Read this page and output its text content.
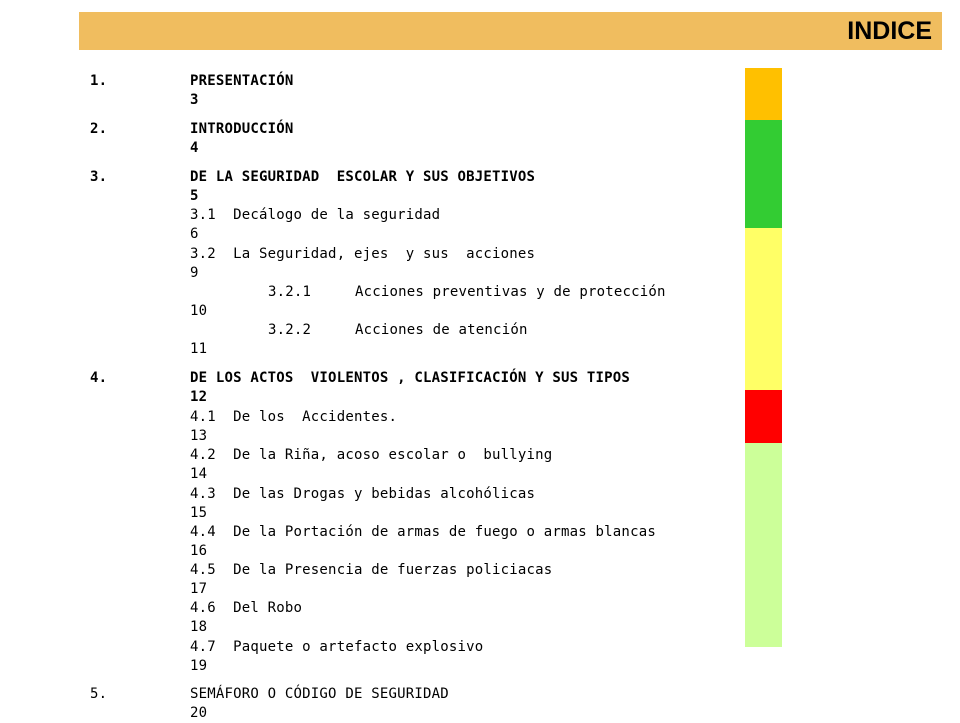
INDICE
1.	PRESENTACIÓN
3
2.	INTRODUCCIÓN
4
3.	DE LA SEGURIDAD  ESCOLAR Y SUS OBJETIVOS
5
3.1  Decálogo de la seguridad
6
3.2  La Seguridad, ejes  y sus  acciones
9
3.2.1	Acciones preventivas y de protección
10
3.2.2	Acciones de atención
11
4.	DE LOS ACTOS  VIOLENTOS , CLASIFICACIÓN Y SUS TIPOS
12
4.1  De los  Accidentes.
13
4.2  De la Riña, acoso escolar o  bullying
14
4.3  De las Drogas y bebidas alcohólicas
15
4.4  De la Portación de armas de fuego o armas blancas
16
4.5  De la Presencia de fuerzas policiacas
17
4.6  Del Robo
18
4.7  Paquete o artefacto explosivo
19
5.	SEMÁFORO O CÓDIGO DE SEGURIDAD
20
